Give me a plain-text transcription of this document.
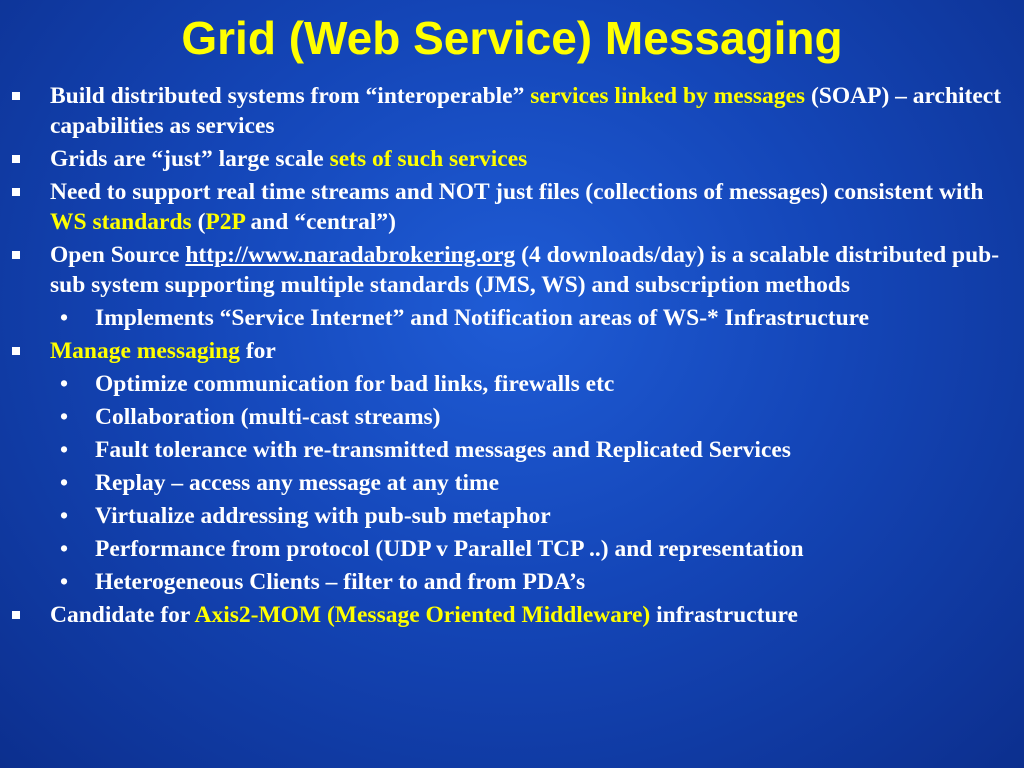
Grid (Web Service) Messaging
Build distributed systems from “interoperable” services linked by messages (SOAP) – architect capabilities as services
Grids are “just” large scale sets of such services
Need to support real time streams and NOT just files (collections of messages) consistent with WS standards (P2P and “central”)
Open Source http://www.naradabrokering.org (4 downloads/day) is a scalable distributed pub-sub system supporting multiple standards (JMS, WS) and subscription methods
• Implements “Service Internet” and Notification areas of WS-* Infrastructure
Manage messaging for
• Optimize communication for bad links, firewalls etc
• Collaboration (multi-cast streams)
• Fault tolerance with re-transmitted messages and Replicated Services
• Replay – access any message at any time
• Virtualize addressing with pub-sub metaphor
• Performance from protocol (UDP v Parallel TCP ..) and representation
• Heterogeneous Clients – filter to and from PDA’s
Candidate for Axis2-MOM (Message Oriented Middleware) infrastructure
